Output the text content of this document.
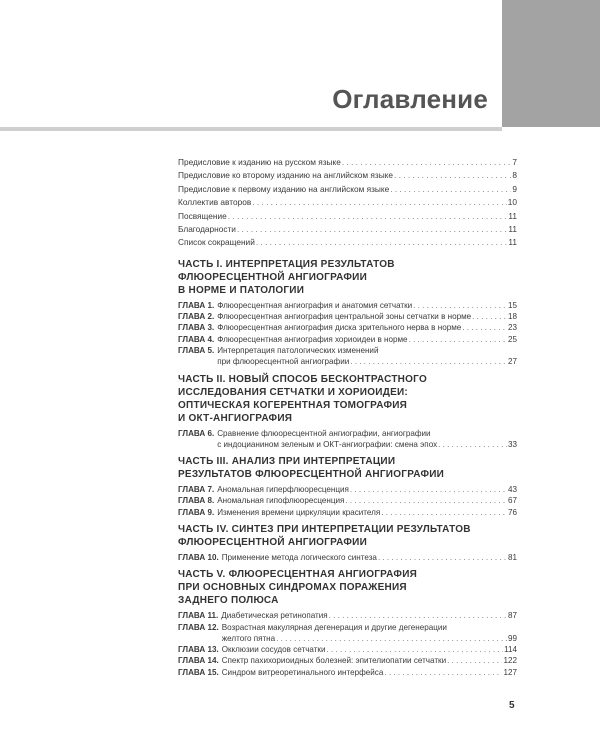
Оглавление
Предисловие к изданию на русском языке . . .	7
Предисловие ко второму изданию на английском языке . . .	8
Предисловие к первому изданию на английском языке . . .	9
Коллектив авторов . . .	10
Посвящение . . .	11
Благодарности . . .	11
Список сокращений . . .	11
ЧАСТЬ I. ИНТЕРПРЕТАЦИЯ РЕЗУЛЬТАТОВ
ФЛЮОРЕСЦЕНТНОЙ АНГИОГРАФИИ
В НОРМЕ И ПАТОЛОГИИ
ГЛАВА 1. Флюоресцентная ангиография и анатомия сетчатки . . .	15
ГЛАВА 2. Флюоресцентная ангиография центральной зоны сетчатки в норме . . .	18
ГЛАВА 3. Флюоресцентная ангиография диска зрительного нерва в норме . . .	23
ГЛАВА 4. Флюоресцентная ангиография хориоидеи в норме . . .	25
ГЛАВА 5. Интерпретация патологических изменений
при флюоресцентной ангиографии . . .	27
ЧАСТЬ II. НОВЫЙ СПОСОБ БЕСКОНТРАСТНОГО
ИССЛЕДОВАНИЯ СЕТЧАТКИ И ХОРИОИДЕИ:
ОПТИЧЕСКАЯ КОГЕРЕНТНАЯ ТОМОГРАФИЯ
И ОКТ-АНГИОГРАФИЯ
ГЛАВА 6. Сравнение флюоресцентной ангиографии, ангиографии
с индоцианином зеленым и ОКТ-ангиографии: смена эпох . . .	33
ЧАСТЬ III. АНАЛИЗ ПРИ ИНТЕРПРЕТАЦИИ
РЕЗУЛЬТАТОВ ФЛЮОРЕСЦЕНТНОЙ АНГИОГРАФИИ
ГЛАВА 7. Аномальная гиперфлюоресценция . . .	43
ГЛАВА 8. Аномальная гипофлюоресценция . . .	67
ГЛАВА 9. Изменения времени циркуляции красителя . . .	76
ЧАСТЬ IV. СИНТЕЗ ПРИ ИНТЕРПРЕТАЦИИ РЕЗУЛЬТАТОВ
ФЛЮОРЕСЦЕНТНОЙ АНГИОГРАФИИ
ГЛАВА 10. Применение метода логического синтеза . . .	81
ЧАСТЬ V. ФЛЮОРЕСЦЕНТНАЯ АНГИОГРАФИЯ
ПРИ ОСНОВНЫХ СИНДРОМАХ ПОРАЖЕНИЯ
ЗАДНЕГО ПОЛЮСА
ГЛАВА 11. Диабетическая ретинопатия . . .	87
ГЛАВА 12. Возрастная макулярная дегенерация и другие дегенерации
желтого пятна . . .	99
ГЛАВА 13. Окклюзии сосудов сетчатки . . .	114
ГЛАВА 14. Спектр пахихориоидных болезней: эпителиопатии сетчатки . . .	122
ГЛАВА 15. Синдром витреоретинального интерфейса . . .	127
5
